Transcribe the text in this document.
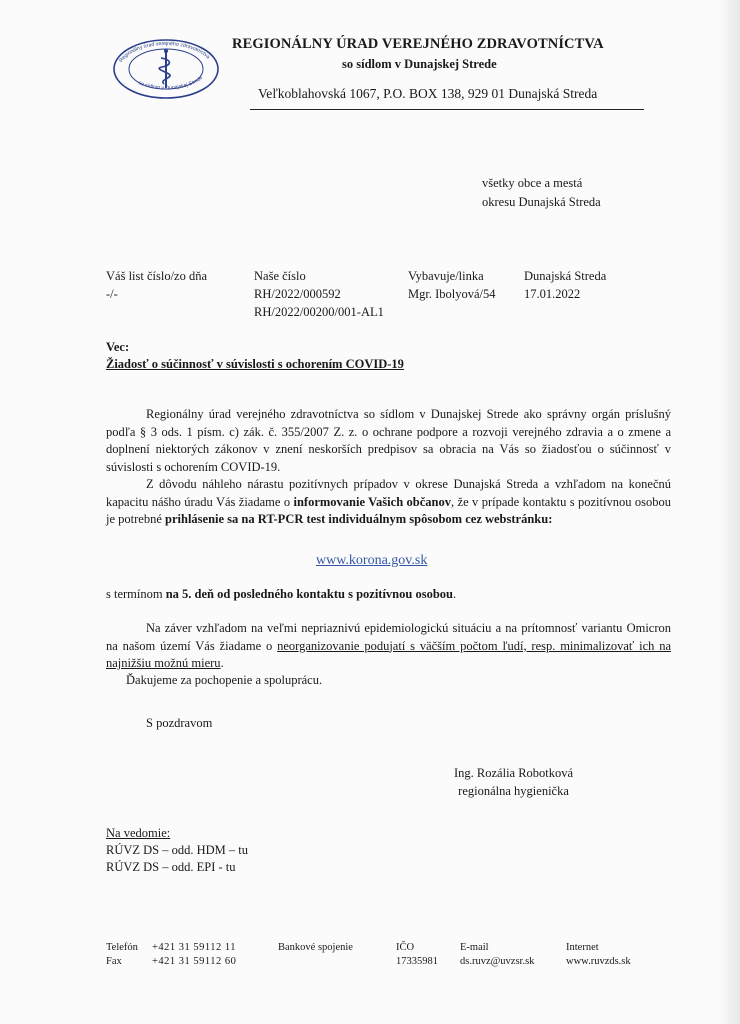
Regionálny úrad verejného zdravotníctva
so sídlom v Dunajskej Strede
REGIONÁLNY ÚRAD VEREJNÉHO ZDRAVOTNÍCTVA
so sídlom v Dunajskej Strede
Veľkoblahovská 1067, P.O. BOX 138, 929 01 Dunajská Streda
všetky obce a mestá
okresu Dunajská Streda
Váš list číslo/zo dňa
-/-
Naše číslo
RH/2022/000592
RH/2022/00200/001-AL1
Vybavuje/linka
Mgr. Ibolyová/54
Dunajská Streda
17.01.2022
Vec:
Žiadosť o súčinnosť v súvislosti s ochorením COVID-19
Regionálny úrad verejného zdravotníctva so sídlom v Dunajskej Strede ako správny orgán príslušný podľa § 3 ods. 1 písm. c) zák. č. 355/2007 Z. z. o ochrane podpore a rozvoji verejného zdravia a o zmene a doplnení niektorých zákonov v znení neskorších predpisov sa obracia na Vás so žiadosťou o súčinnosť v súvislosti s ochorením COVID-19.
Z dôvodu náhleho nárastu pozitívnych prípadov v okrese Dunajská Streda a vzhľadom na konečnú kapacitu nášho úradu Vás žiadame o informovanie Vašich občanov, že v prípade kontaktu s pozitívnou osobou je potrebné prihlásenie sa na RT-PCR test individuálnym spôsobom cez webstránku:
www.korona.gov.sk
s termínom na 5. deň od posledného kontaktu s pozitívnou osobou.
Na záver vzhľadom na veľmi nepriaznivú epidemiologickú situáciu a na prítomnosť variantu Omicron na našom území Vás žiadame o neorganizovanie podujatí s väčším počtom ľudí, resp. minimalizovať ich na najnižšiu možnú mieru.
Ďakujeme za pochopenie a spoluprácu.
S pozdravom
Ing. Rozália Robotková
regionálna hygienička
Na vedomie:
RÚVZ DS – odd. HDM – tu
RÚVZ DS – odd. EPI - tu
Telefón
Fax
+421 31 59112 11
+421 31 59112 60
Bankové spojenie	IČO
17335981
E-mail
ds.ruvz@uvzsr.sk
Internet
www.ruvzds.sk
